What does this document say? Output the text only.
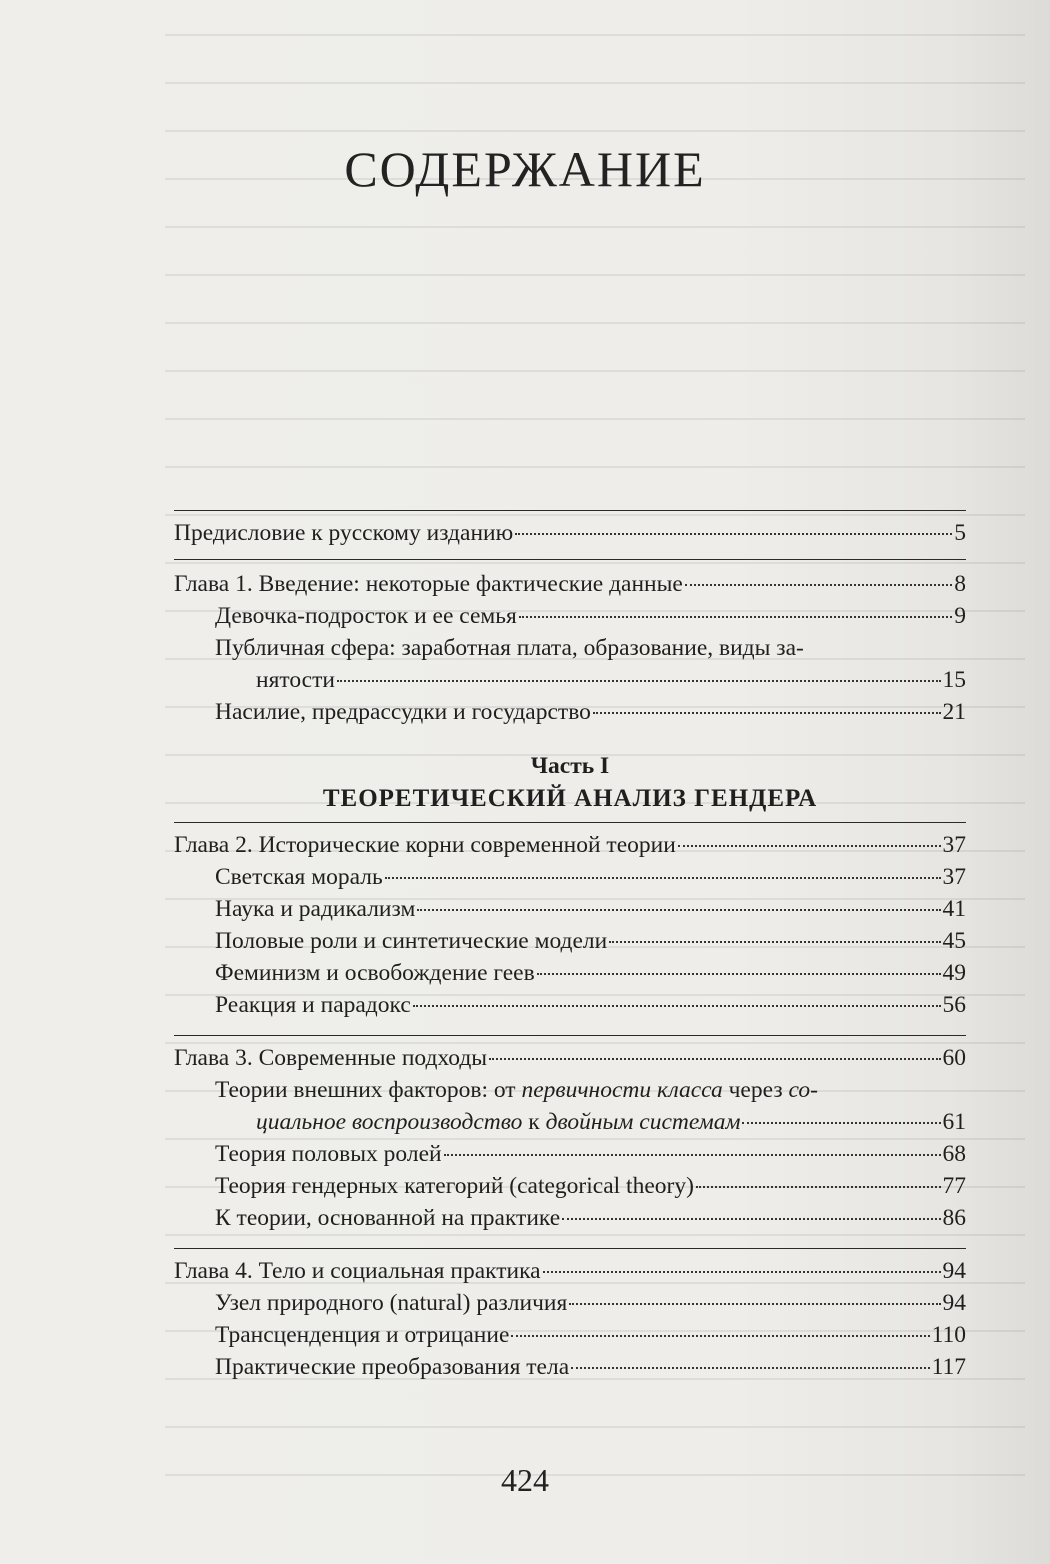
СОДЕРЖАНИЕ
Предисловие к русскому изданию	5
Глава 1. Введение: некоторые фактические данные	8
Девочка-подросток и ее семья	9
Публичная сфера: заработная плата, образование, виды за-
нятости	15
Насилие, предрассудки и государство	21
Часть I
ТЕОРЕТИЧЕСКИЙ АНАЛИЗ ГЕНДЕРА
Глава 2. Исторические корни современной теории	37
Светская мораль	37
Наука и радикализм	41
Половые роли и синтетические модели	45
Феминизм и освобождение геев	49
Реакция и парадокс	56
Глава 3. Современные подходы	60
Теории внешних факторов: от первичности класса через со-
циальное воспроизводство к двойным системам	61
Теория половых ролей	68
Теория гендерных категорий (categorical theory)	77
К теории, основанной на практике	86
Глава 4. Тело и социальная практика	94
Узел природного (natural) различия	94
Трансценденция и отрицание	110
Практические преобразования тела	117
424
